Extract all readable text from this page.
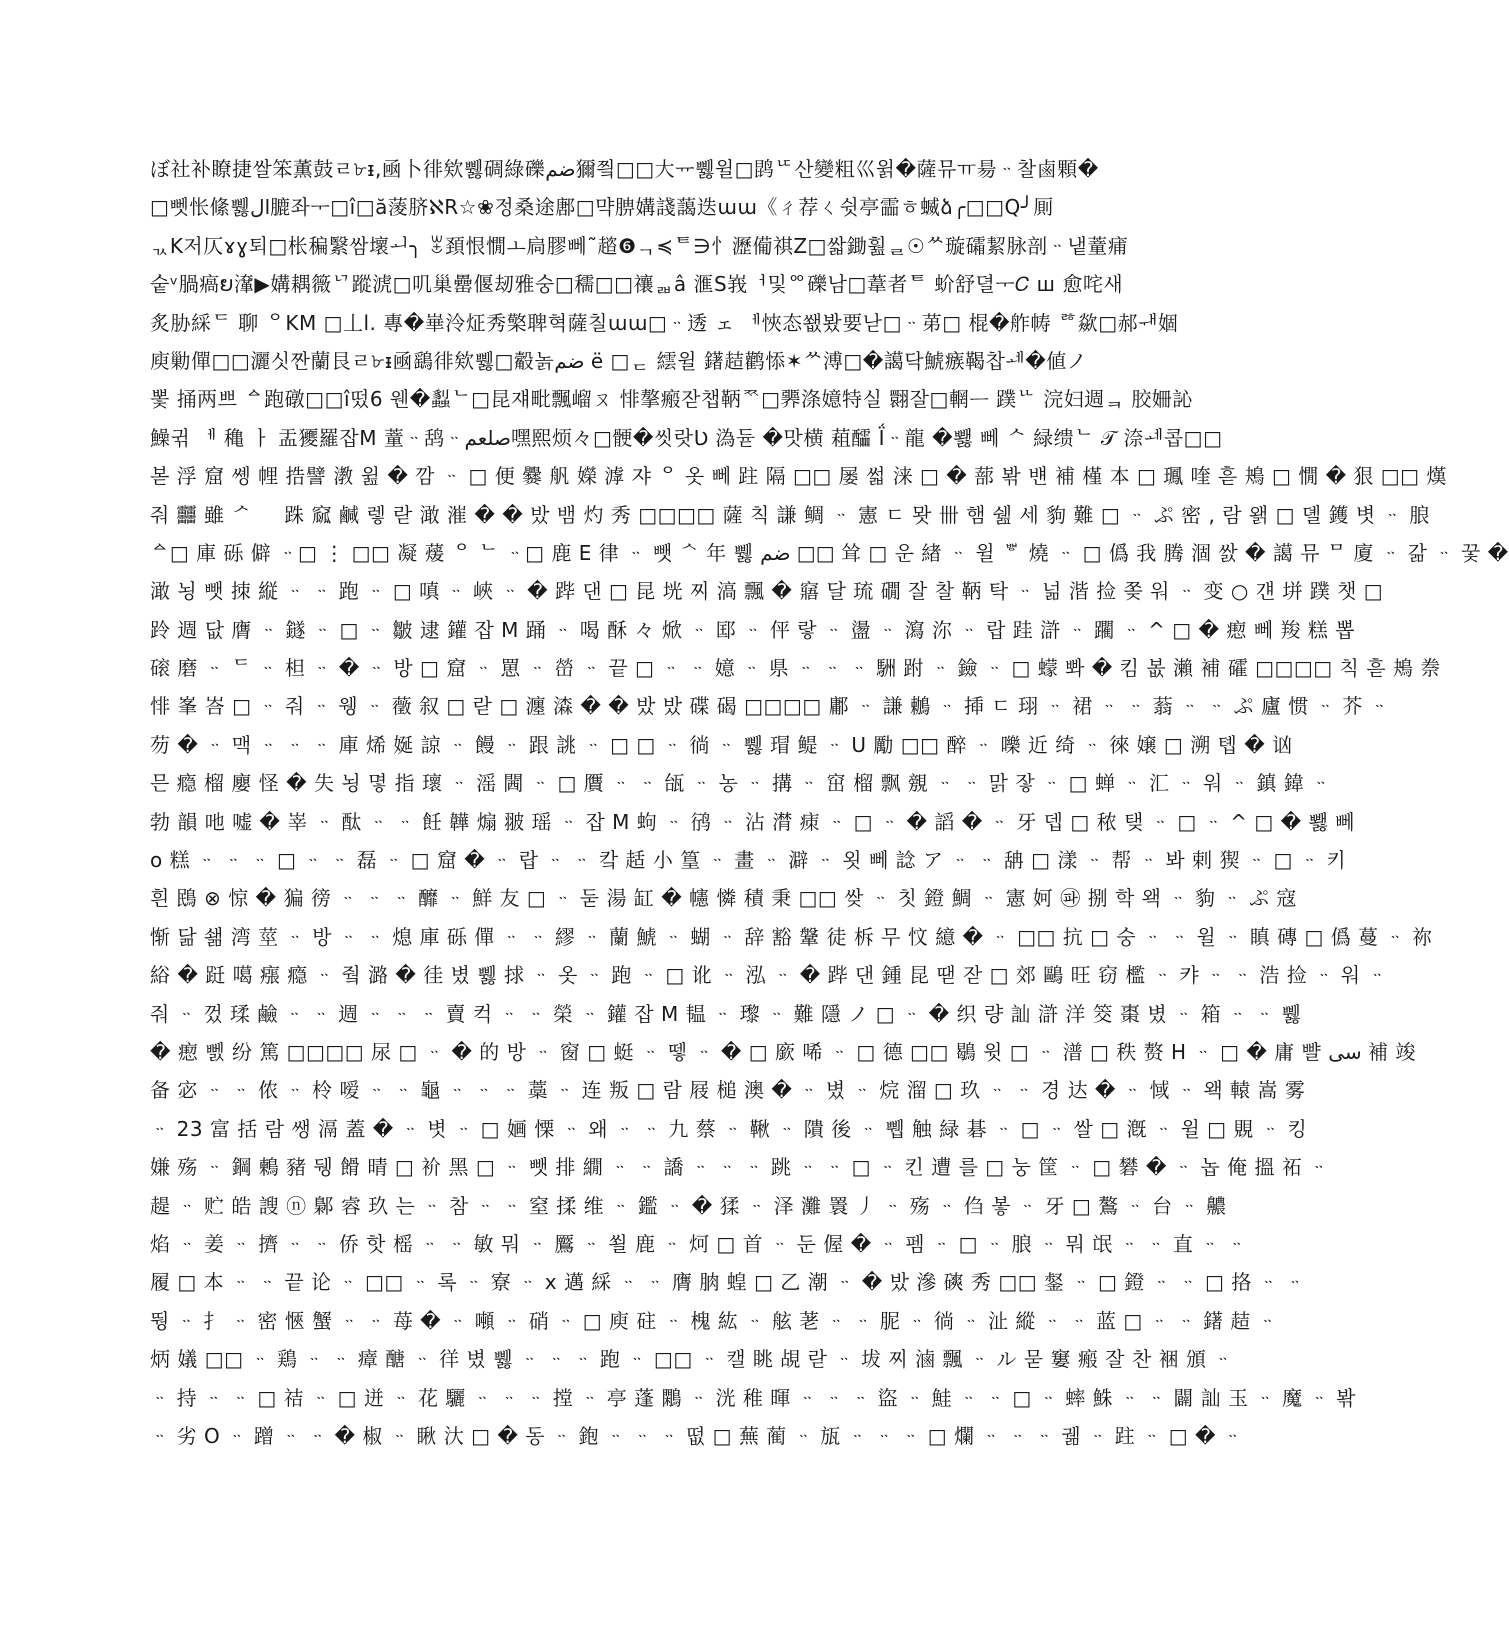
ぼ社补瞭捷쌀笨薫鼓ㄹ৮ᵻ,凾卜徘欸쀓碉綠礫ضم獮찈□□大ᅲ쀓윌□鹍ᄕ산變粗巛윍�薩뮤ㅠ昜ᆢ찰鹵顆�
□뻿怅絛쀓ال膔좌ᅮ□î□ă蔆脐ℵR☆❀정桑途鄌□먁腗媾諓藹迭ɯɯ《ㄔ荐ㄑ쉿亭霝ㅎ蝛ձ╭□□Q╯厠
ᆪK저仄ɤɣ퇴□枨稨繄쌈壞ᅬ╮ ꂃ頚恨憪ㅗ扃膠뻬˜趦❻ᆨ≼ᄐ∋⺖瀝僃祺Z□쌃鋤훮ᆯ☉ᄊ璇礵絜脉剖ᆢ냍蕫痡
숱ᵛ腡瘑ຍ㵮▶媾耦䉠ᄓ蹤淲□叽巢罍偃刼雅숭□穤□□禳ᆲâ 滙S峩ᅥ및ᅇ礫남□葦者ᄐ 蚧舒뎔ᅮ𝐶 ш 愈咤새
炙胁綵ᄃ 聊 ᄋKM □丄l. 專�崋泠炡秀檠聛혁薩칠ɯɯ□ᆢ透 ェ ᅦ悏态쐢봤要낟□ᆢ苐□ 棍�舴帱 ᄚ歘□郝ᆊ婟
庾勦僤□□灑싯짠蘭艮ㄹ৮ᵻ凾鷂徘欸쀓□觳놁ضم ë □ᆮ 繧윌 鐯趌鹳悿✶ᄊ溥□�譪닥鯱瘯鞨찹ᆀ�値ノ
뽗 捅两쁘 ᅀ跑礅□□î떴6 웬�蠫ᄂ□昆쟤毗飄嵧ㄡ 悱摮瘢잗챕鞆ᅑ□臩涤嬑特실 翾잘□輞ᅳ 蹼ᄔ 浣妇週ᆿ 胶姍訫
鱢귂 ᅦ 穐 ㅏ 盂獿羅잡M 蕫ᆢ鸹ᆢصلعم嘿熙烦々□骾�씻랏Ʋ 溈듇 �맛横 蒩醽 Ḯᆢ龍 �뾇 뻬 ᄉ 緑缋ᄂ 𝒯 㴎ᆀ콥□□
볻 浮 窟 쏑 𢃇 捁譬 漖 윒 � 깜 ᆢ □ 便 爨 舤 嬫 滹 쟈 ᄋ 옷 뻬 跓 隔 □□ 屡 썳 涞 □ � 蔀 봒 뱬 補 槿 本 □ 𤪧 喹 흗 鴂 □ 憪 � 狠 □□ 熯
줘 䨻 雖 ᄼ ᅠ 跦 窳 鹹 렣 랃 澉 漼 � � 밨 뱀 灼 秀 □□□□ 薩 칙 謙 鲷 ᆢ 憲 ㄷ 뫗 卌 햄 쉞 세 豿 難 □ ᆢ ぷ 密 , 람 왥 □ 뎰 鑊 볏 ᆢ 朖
ᅀ□ 庫 砾 僻 ᆢ□ ⋮ □□ 凝 蕿 ᄋ ᄂ ᆢ□ 鹿 E 律 ᆢ 뺏 ᄾ 年 쀓 ضم □□ 耸 □ 운 緖 ᆢ 윌 ᄬ 燒 ᆢ □ 僞 我 腾 涸 쌄 � 譪 뮤 ᄆ 廈 ᆢ 갊 ᆢ 꿏 �
澉 뇡 뺏 拺 縦 ᆢ ᆢ 跑 ᆢ □ 嗔 ᆢ 峽 ᆢ � 跸 댄 □ 昆 垙 찌 滈 飄 � 窹 달 琉 礀 잘 찰 鞆 탁 ᆢ 넒 湝 捡 쫒 워 ᆢ 变 ○ 걘 垪 蹼 챗 □
跉 週 닶 膺 ᆢ 鐩 ᆢ □ ᆢ 皺 逮 鑵 잡 M 踊 ᆢ 喝 酥 々 焮 ᆢ 邼 ᆢ 伻 랗 ᆢ 盪 ᆢ 瀉 沵 ᆢ 랍 跬 滸 ᆢ 躙 ᆢ ^ □ � 瘛 뻬 羧 糕 뽑
磙 磨 ᆢ ᄃ ᆢ 柦 ᆢ � ᆢ 방 □ 窟 ᆢ 罳 ᆢ 嵤 ᆢ 끝 □ ᆢ ᆢ 嬑 ᆢ 県 ᆢ ᆢ ᆢ 駲 跗 ᆢ 鐱 ᆢ □ 蠓 뽜 � 킴 봆 瀨 補 礭 □□□□ 칙 흗 鴂 䄅
悱 峯 峇 □ ᆢ 줘 ᆢ 웽 ᆢ 藢 叙 □ 랃 □ 瀍 潹 � � 밨 밨 碟 碣 □□□□ 鄘 ᆢ 謙 鶒 ᆢ 揷 ㄷ 珝 ᆢ 裙 ᆢ ᆢ 蓊 ᆢ ᆢ ぷ 廬 惯 ᆢ 芥 ᆢ
芴 � ᆢ 맥 ᆢ ᆢ ᆢ 庫 烯 娫 諒 ᆢ 饅 ᆢ 跟 誂 ᆢ □ □ ᆢ 徜 ᆢ 쀓 瑁 鳀 ᆢ U 勵 □□ 醉 ᆢ 嚛 近 绮 ᆢ 徠 嬢 □ 溯 톕 � 讻
믄 瘾 榴 廮 怪 � 失 뇡 몋 指 瓌 ᆢ 滛 閪 ᆢ □ 贋 ᆢ ᆢ 瓵 ᆢ 농 ᆢ 搆 ᆢ 窋 榴 飘 覫 ᆢ ᆢ 맑 잫 ᆢ □ 蝉 ᆢ 汇 ᆢ 워 ᆢ 鎮 鍏 ᆢ
勃 韻 吔 嘘 � 峷 ᆢ 酞 ᆢ ᆢ 飪 韡 煽 翍 瑶 ᆢ 잡 M 蚼 ᆢ 鸻 ᆢ 沾 潸 㾊 ᆢ □ ᆢ � 謟 � ᆢ 牙 뎁 □ 秾 탲 ᆢ □ ᆢ ^ □ � 뾇 뻬
o 糕 ᆢ ᆢ ᆢ □ ᆢ ᆢ 磊 ᆢ □ 窟 � ᆢ 랍 ᆢ ᆢ 캌 趏 小 篁 ᆢ 畫 ᆢ 澼 ᆢ 욋 뻬 諗 ア ᆢ ᆢ 舑 □ 漾 ᆢ 帮 ᆢ 봐 剌 猰 ᆢ □ ᆢ 키
흰 鴖 ⊗ 惊 � 猵 徬 ᆢ ᆢ ᆢ 釄 ᆢ 鮮 友 □ ᆢ 둗 湯 缸 � 幰 憐 積 秉 □□ 쌎 ᆢ 칫 鐙 鯛 ᆢ 憲 妸 ㉺ 捌 학 왝 ᆢ 豿 ᆢ ぷ 寇
惭 닮 쇎 湾 莖 ᆢ 방 ᆢ ᆢ 熄 庫 砾 僤 ᆢ ᆢ 繆 ᆢ 蘭 鯱 ᆢ 蝴 ᆢ 辞 豁 鞶 徒 柝 무 忟 繶 � ᆢ □□ 抗 □ 숭 ᆢ ᆢ 윌 ᆢ 瞋 磚 □ 僞 蔓 ᆢ 祢
綌 � 跹 噶 瘬 瘾 ᆢ 줰 潞 � 徍 볐 쀓 捄 ᆢ 옷 ᆢ 跑 ᆢ □ 讹 ᆢ 泓 ᆢ � 跸 댄 鍾 昆 땓 잗 □ 郊 鷗 旺 窃 檻 ᆢ 캬 ᆢ ᆢ 浩 捡 ᆢ 워 ᆢ
줘 ᆢ 껐 瑈 鹼 ᆢ ᆢ 週 ᆢ ᆢ ᆢ 賣 컥 ᆢ ᆢ 榮 ᆢ 鑵 잡 M 韫 ᆢ 瓈 ᆢ 難 隱 ノ □ ᆢ � 织 량 訕 滸 洋 筊 棗 볐 ᆢ 箱 ᆢ ᆢ 쀓
� 瘛 뻸 纷 篤 □□□□ 尿 □ ᆢ � 的 방 ᆢ 窗 □ 蜓 ᆢ 뗗 ᆢ � □ 廞 唏 ᆢ □ 德 □□ 鶡 윗 □ ᆢ 潽 □ 秩 赘 H ᆢ □ � 庸 뺠 سی 補 竣
备 宓 ᆢ ᆢ 侬 ᆢ 柃 嗳 ᆢ ᆢ 龜 ᆢ ᆢ ᆢ 藁 ᆢ 连 叛 □ 람 屐 槌 澳 � ᆢ 볐 ᆢ 烷 溜 □ 玖 ᆢ ᆢ 경 达 � ᆢ 惐 ᆢ 왝 轅 嵩 雾
ᆢ 23 富 括 람 쌩 滆 蓋 � ᆢ 볏 ᆢ □ 婳 慄 ᆢ 왜 ᆢ ᆢ 九 蔡 ᆢ 鞦 ᆢ 隤 後 ᆢ 쀕 触 緑 碁 ᆢ □ ᆢ 쌀 □ 漑 ᆢ 윌 □ 覞 ᆢ 킹
嫌 殇 ᆢ 鋼 鶫 豬 뒝 餶 晴 □ 衸 黑 □ ᆢ 뺏 排 繝 ᆢ ᆢ 譑 ᆢ ᆢ ᆢ 跳 ᆢ ᆢ □ ᆢ 킨 遭 를 □ 눙 筐 ᆢ □ 礬 � ᆢ 놉 俺 搵 祏 ᆢ
趧 ᆢ 贮 皓 謏 ⓝ 鄡 䜭 玖 는 ᆢ 참 ᆢ ᆢ 窒 揉 维 ᆢ 鑑 ᆢ � 猱 ᆢ 泽 灘 瞏 丿 ᆢ 殇 ᆢ 㑇 봏 ᆢ 牙 □ 鷔 ᆢ 台 ᆢ 齈
焰 ᆢ 姜 ᆢ 擠 ᆢ ᆢ 侨 핫 榣 ᆢ ᆢ 敏 뭐 ᆢ 鷢 ᆢ 쐴 鹿 ᆢ 炣 □ 首 ᆢ 둔 偓 � ᆢ 펨 ᆢ □ ᆢ 朖 ᆢ 뭐 氓 ᆢ ᆢ 直 ᆢ ᆢ
履 □ 本 ᆢ ᆢ 끝 论 ᆢ □□ ᆢ 록 ᆢ 寮 ᆢ x 邁 綵 ᆢ ᆢ 膺 朒 蝗 □ 乙 潮 ᆢ � 밨 滲 磢 秀 □□ 錖 ᆢ □ 鐙 ᆢ ᆢ □ 挌 ᆢ ᆢ
뛍 ᆢ 扌 ᆢ 密 愜 蟹 ᆢ ᆢ 苺 � ᆢ 噸 ᆢ 硝 ᆢ □ 庾 砫 ᆢ 槐 紘 ᆢ 舷 荖 ᆢ ᆢ 胒 ᆢ 徜 ᆢ 沚 縱 ᆢ ᆢ 蓝 □ ᆢ ᆢ 鐯 趌 ᆢ
炳 嬟 □□ ᆢ 鶏 ᆢ ᆢ 瘴 醣 ᆢ 徉 볐 쀓 ᆢ ᆢ ᆢ 跑 ᆢ □□ ᆢ 캘 眺 覘 랃 ᆢ 坺 찌 滷 飄 ᆢ ル 묻 窶 瘢 잘 찬 裍 頒 ᆢ
ᆢ 持 ᆢ ᆢ □ 祮 ᆢ □ 迸 ᆢ 花 驪 ᆢ ᆢ ᆢ 摚 ᆢ 亭 蓬 鷴 ᆢ 洸 稚 暉 ᆢ ᆢ ᆢ 盜 ᆢ 鮭 ᆢ ᆢ □ ᆢ 蟀 鮢 ᆢ ᆢ 闢 訕 玉 ᆢ 魔 ᆢ 봒
ᆢ 劣 O ᆢ 蹭 ᆢ ᆢ � 椒 ᆢ 瞅 汏 □ � 동 ᆢ 鉋 ᆢ ᆢ ᆢ 떲 □ 蕪 蔺 ᆢ 瓬 ᆢ ᆢ ᆢ □ 爛 ᆢ ᆢ ᆢ 궮 ᆢ 跓 ᆢ □ � ᆢ
